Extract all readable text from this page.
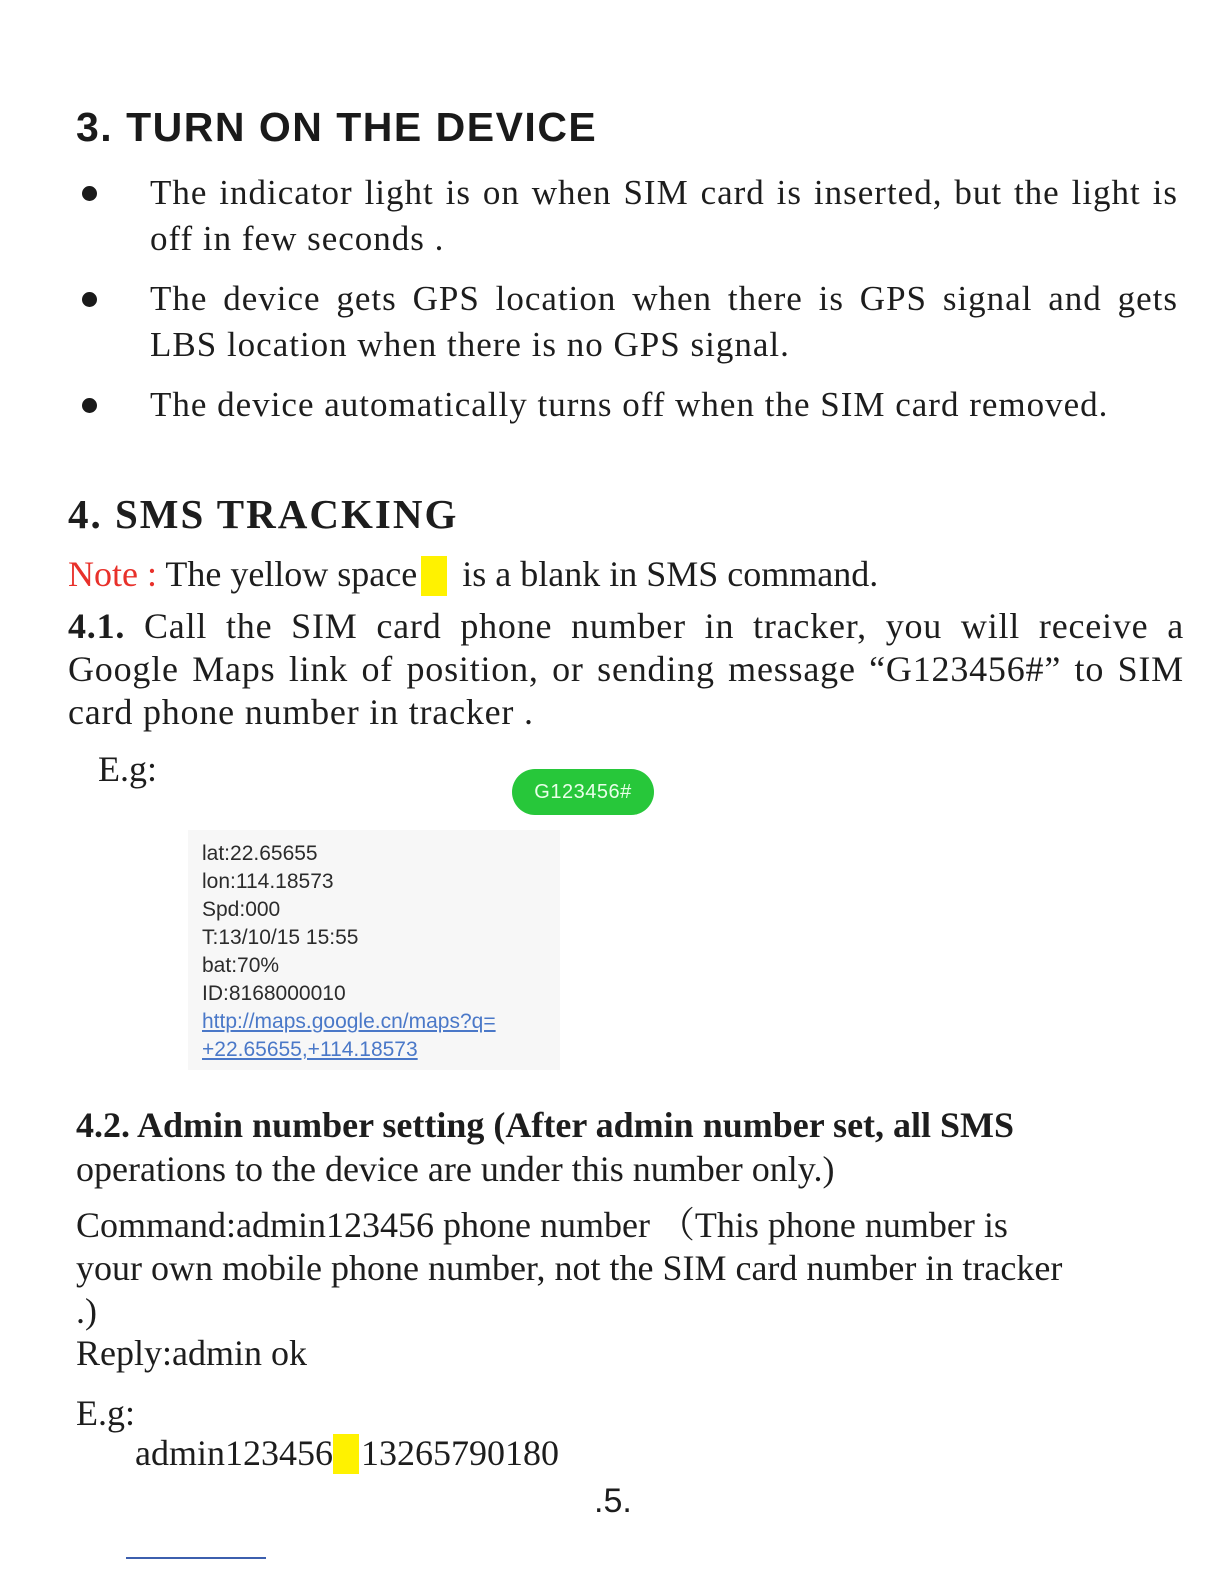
3. TURN ON THE DEVICE
The indicator light is on when SIM card is inserted, but the light is off in few seconds .
The device gets GPS location when there is GPS signal and gets LBS location when there is no GPS signal.
The device automatically turns off when the SIM card removed.
4. SMS TRACKING
Note : The yellow space is a blank in SMS command.
4.1. Call the SIM card phone number in tracker, you will receive a Google Maps link of position, or sending message “G123456#” to SIM card phone number in tracker .
E.g:
G123456#
lat:22.65655
lon:114.18573
Spd:000
T:13/10/15 15:55
bat:70%
ID:8168000010
http://maps.google.cn/maps?q=
+22.65655,+114.18573
4.2. Admin number setting (After admin number set, all SMS
operations to the device are under this number only.)
Command:admin123456 phone number （This phone number is your own mobile phone number, not the SIM card number in tracker .)
Reply:admin ok
E.g:
admin123456 13265790180
.5.
